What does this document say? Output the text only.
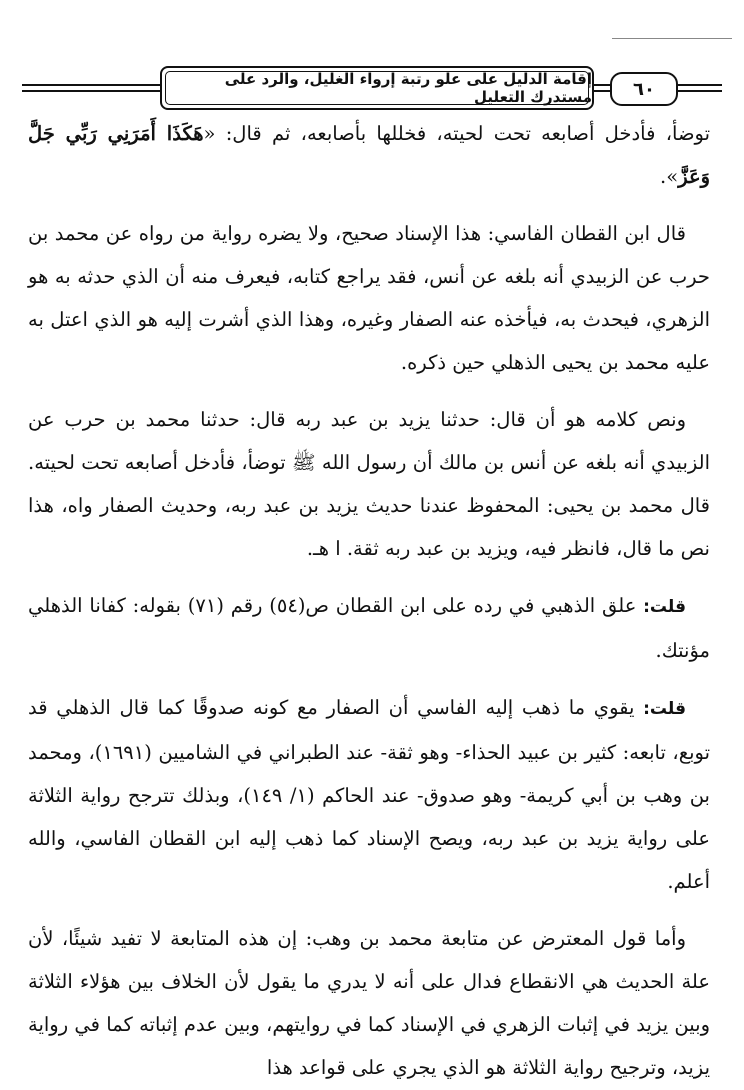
إقامة الدليل على علو رتبة إرواء الغليل، والرد على مستدرك التعليل	٦٠

توضأ، فأدخل أصابعه تحت لحيته، فخللها بأصابعه، ثم قال: «هَكَذَا أَمَرَنِي رَبِّي جَلَّ وَعَزَّ».

قال ابن القطان الفاسي: هذا الإسناد صحيح، ولا يضره رواية من رواه عن محمد بن حرب عن الزبيدي أنه بلغه عن أنس، فقد يراجع كتابه، فيعرف منه أن الذي حدثه به هو الزهري، فيحدث به، فيأخذه عنه الصفار وغيره، وهذا الذي أشرت إليه هو الذي اعتل به عليه محمد بن يحيى الذهلي حين ذكره.

ونص كلامه هو أن قال: حدثنا يزيد بن عبد ربه قال: حدثنا محمد بن حرب عن الزبيدي أنه بلغه عن أنس بن مالك أن رسول الله ﷺ توضأ، فأدخل أصابعه تحت لحيته. قال محمد بن يحيى: المحفوظ عندنا حديث يزيد بن عبد ربه، وحديث الصفار واه، هذا نص ما قال، فانظر فيه، ويزيد بن عبد ربه ثقة. ا هـ.

قلت: علق الذهبي في رده على ابن القطان ص(٥٤) رقم (٧١) بقوله: كفانا الذهلي مؤنتك.

قلت: يقوي ما ذهب إليه الفاسي أن الصفار مع كونه صدوقًا كما قال الذهلي قد توبع، تابعه: كثير بن عبيد الحذاء- وهو ثقة- عند الطبراني في الشاميين (١٦٩١)، ومحمد بن وهب بن أبي كريمة- وهو صدوق- عند الحاكم (١/ ١٤٩)، وبذلك تترجح رواية الثلاثة على رواية يزيد بن عبد ربه، ويصح الإسناد كما ذهب إليه ابن القطان الفاسي، والله أعلم.

وأما قول المعترض عن متابعة محمد بن وهب: إن هذه المتابعة لا تفيد شيئًا، لأن علة الحديث هي الانقطاع فدال على أنه لا يدري ما يقول لأن الخلاف بين هؤلاء الثلاثة وبين يزيد في إثبات الزهري في الإسناد كما في روايتهم، وبين عدم إثباته كما في رواية يزيد، وترجيح رواية الثلاثة هو الذي يجري على قواعد هذا
